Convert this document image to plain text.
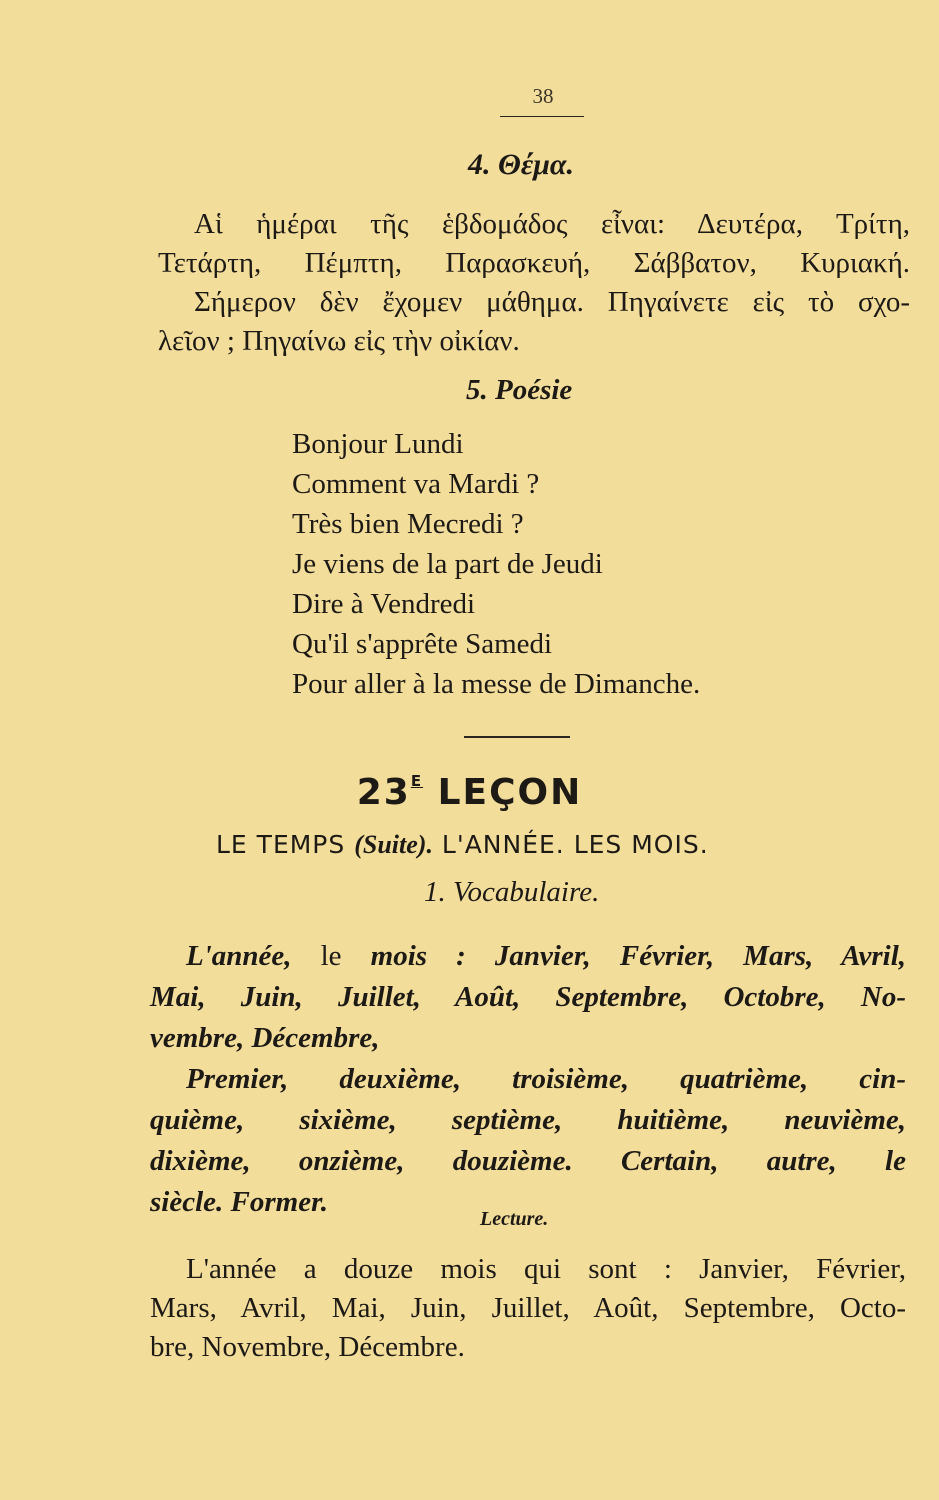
38
4. Θέμα.
Αἱ ἡμέραι τῆς ἑβδομάδος εἶναι: Δευτέρα, Τρίτη,
Τετάρτη, Πέμπτη, Παρασκευή, Σάββατον, Κυριακή.
Σήμερον δὲν ἔχομεν μάθημα. Πηγαίνετε εἰς τὸ σχο-
λεῖον ; Πηγαίνω εἰς τὴν οἰκίαν.
5. Poésie
Bonjour Lundi
Comment va Mardi ?
Très bien Mecredi ?
Je viens de la part de Jeudi
Dire à Vendredi
Qu'il s'apprête Samedi
Pour aller à la messe de Dimanche.
$23^E$ LEÇON
LE TEMPS (Suite). L'ANNÉE. LES MOIS.
1. Vocabulaire.
L'année, le mois : Janvier, Février, Mars, Avril,
Mai, Juin, Juillet, Août, Septembre, Octobre, No-
vembre, Décembre,
Premier, deuxième, troisième, quatrième, cin-
quième, sixième, septième, huitième, neuvième,
dixième, onzième, douzième. Certain, autre, le
siècle. Former.
Lecture.
L'année a douze mois qui sont : Janvier, Février,
Mars, Avril, Mai, Juin, Juillet, Août, Septembre, Octo-
bre, Novembre, Décembre.
